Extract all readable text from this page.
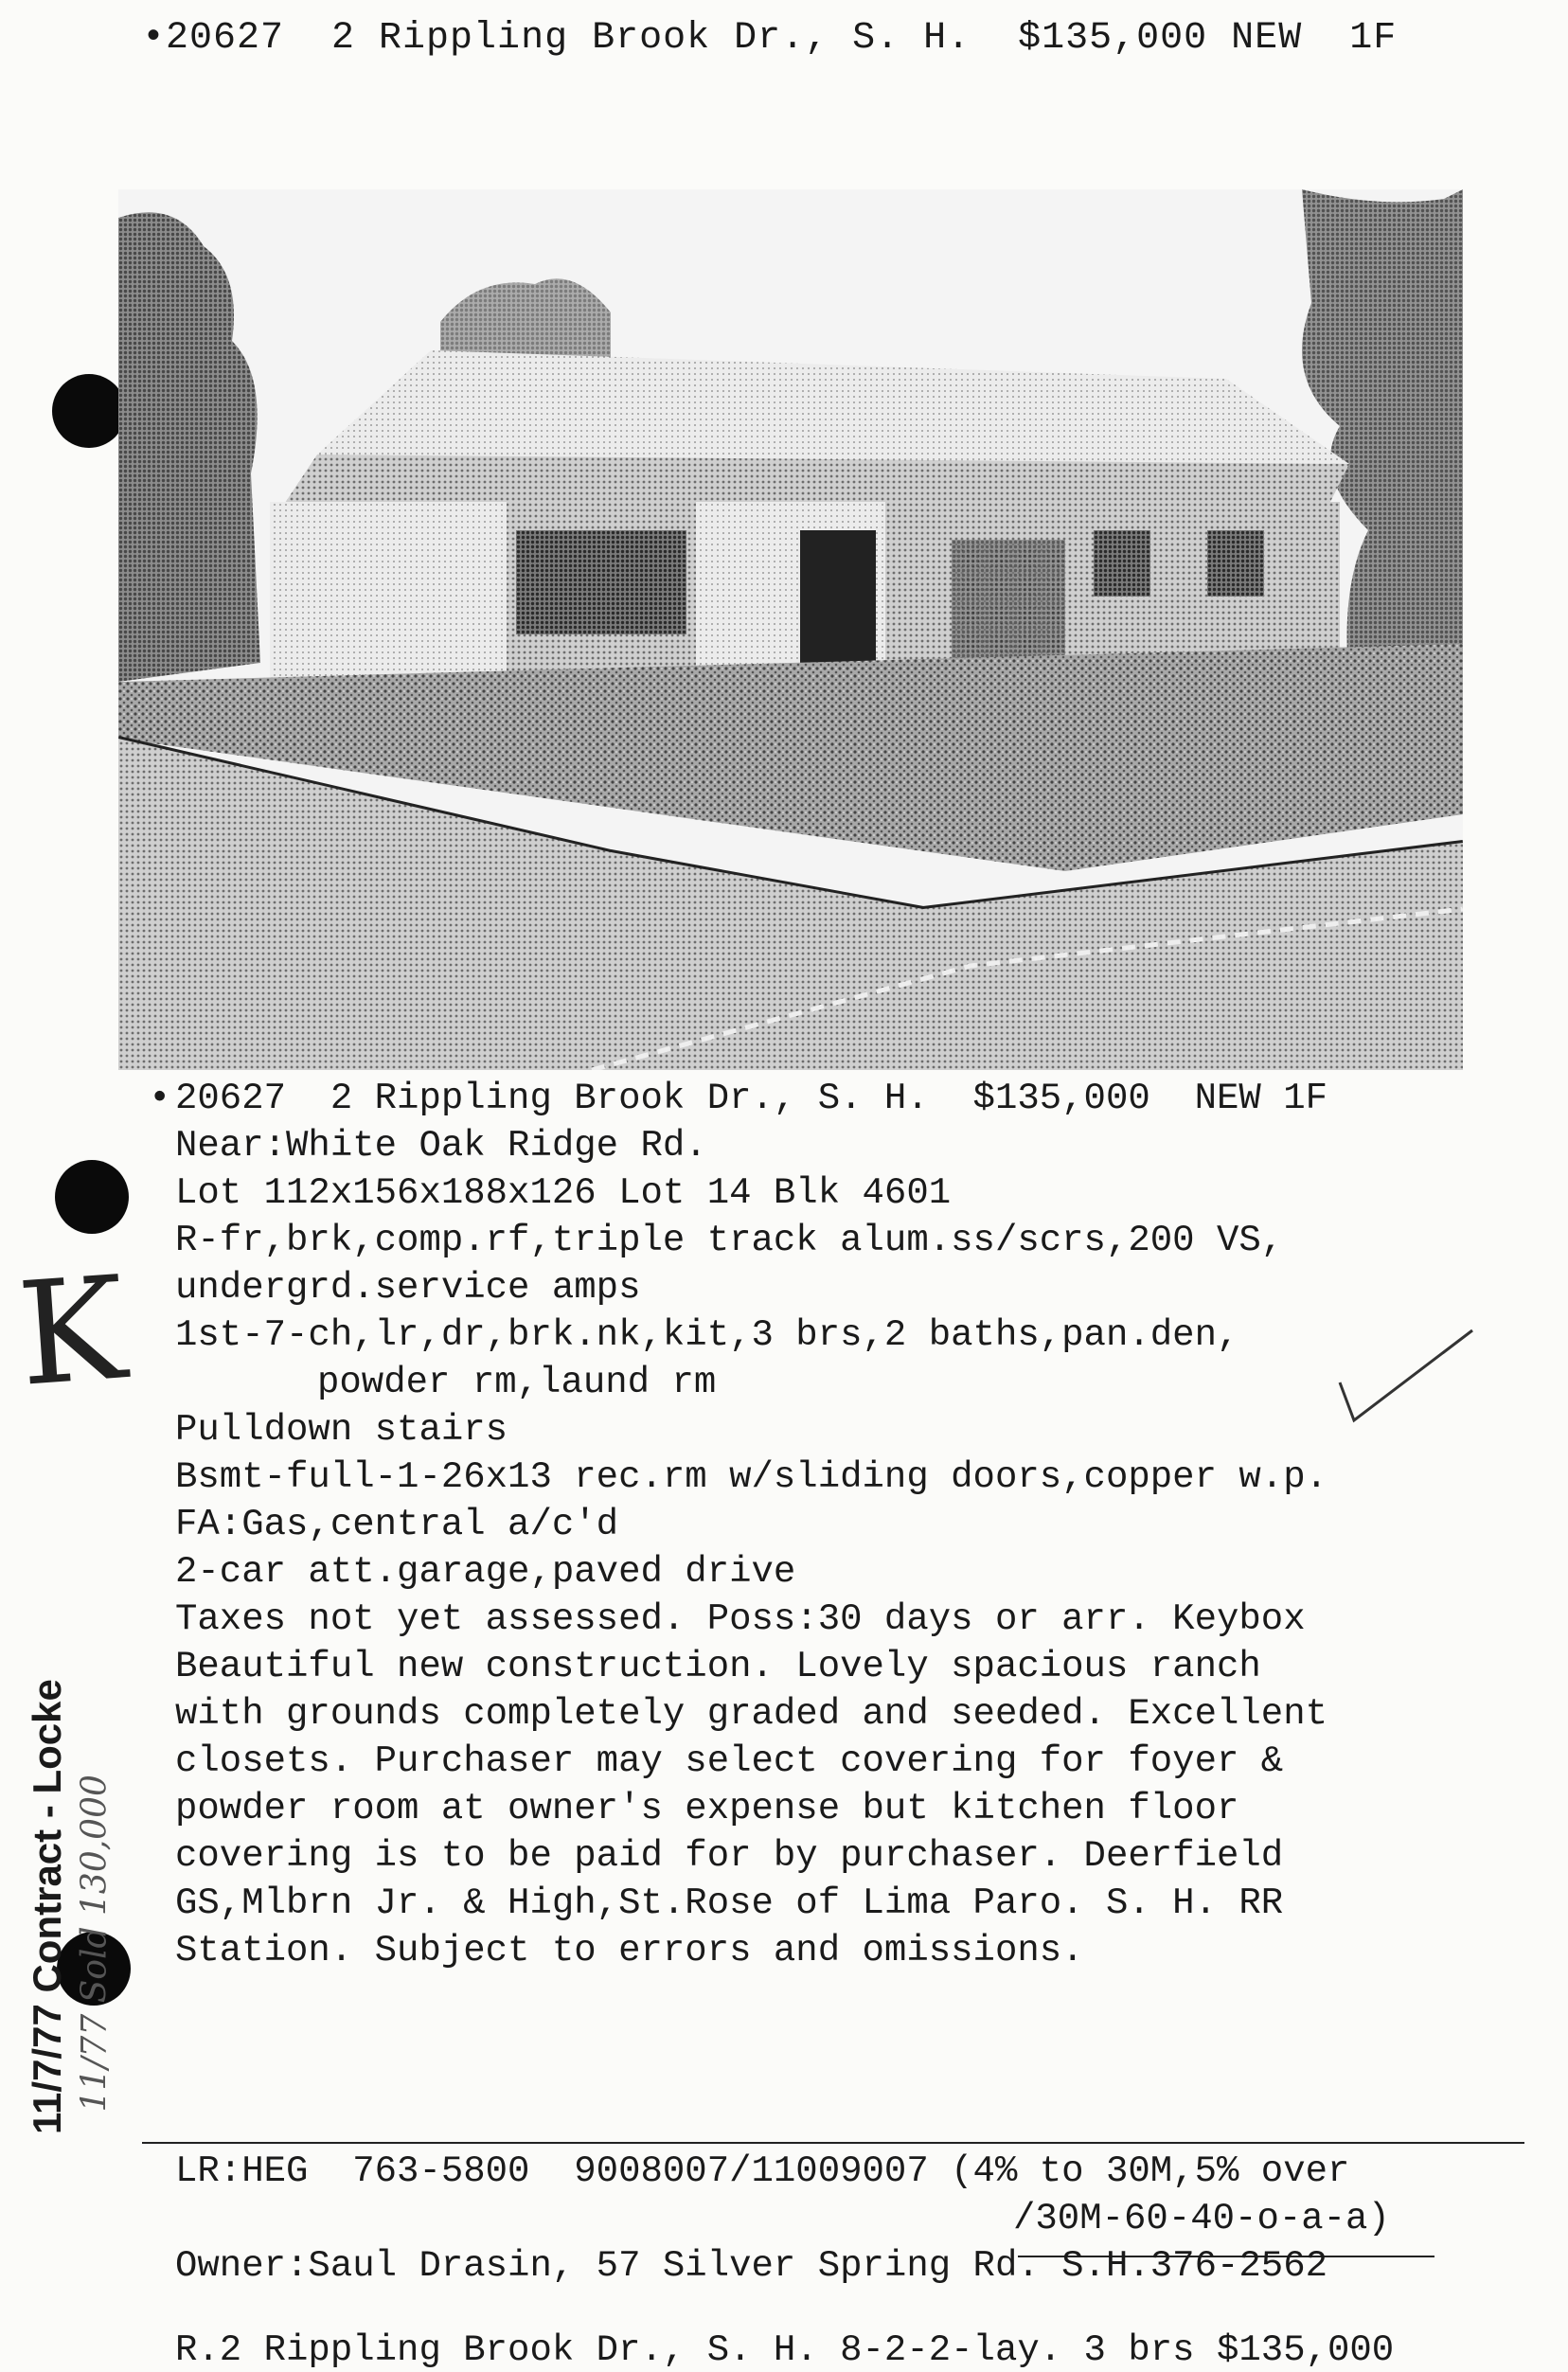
•20627  2 Rippling Brook Dr., S. H.  $135,000 NEW  1F
• 20627  2 Rippling Brook Dr., S. H.  $135,000  NEW 1F
Near:White Oak Ridge Rd.
Lot 112x156x188x126 Lot 14 Blk 4601
R-fr,brk,comp.rf,triple track alum.ss/scrs,200 VS,
undergrd.service amps
1st-7-ch,lr,dr,brk.nk,kit,3 brs,2 baths,pan.den,
powder rm,laund rm
Pulldown stairs
Bsmt-full-1-26x13 rec.rm w/sliding doors,copper w.p.
FA:Gas,central a/c'd
2-car att.garage,paved drive
Taxes not yet assessed. Poss:30 days or arr. Keybox
Beautiful new construction. Lovely spacious ranch
with grounds completely graded and seeded. Excellent
closets. Purchaser may select covering for foyer &
powder room at owner's expense but kitchen floor
covering is to be paid for by purchaser. Deerfield
GS,Mlbrn Jr. & High,St.Rose of Lima Paro. S. H. RR
Station. Subject to errors and omissions.
K
11/7/77 Contract - Locke 11/77 Sold 130,000
LR:HEG  763-5800  9008007/11009007 (4% to 30M,5% over
/30M-60-40-o-a-a)
Owner:Saul Drasin, 57 Silver Spring Rd. S.H.376-2562
R.2 Rippling Brook Dr., S. H. 8-2-2-lay. 3 brs $135,000
